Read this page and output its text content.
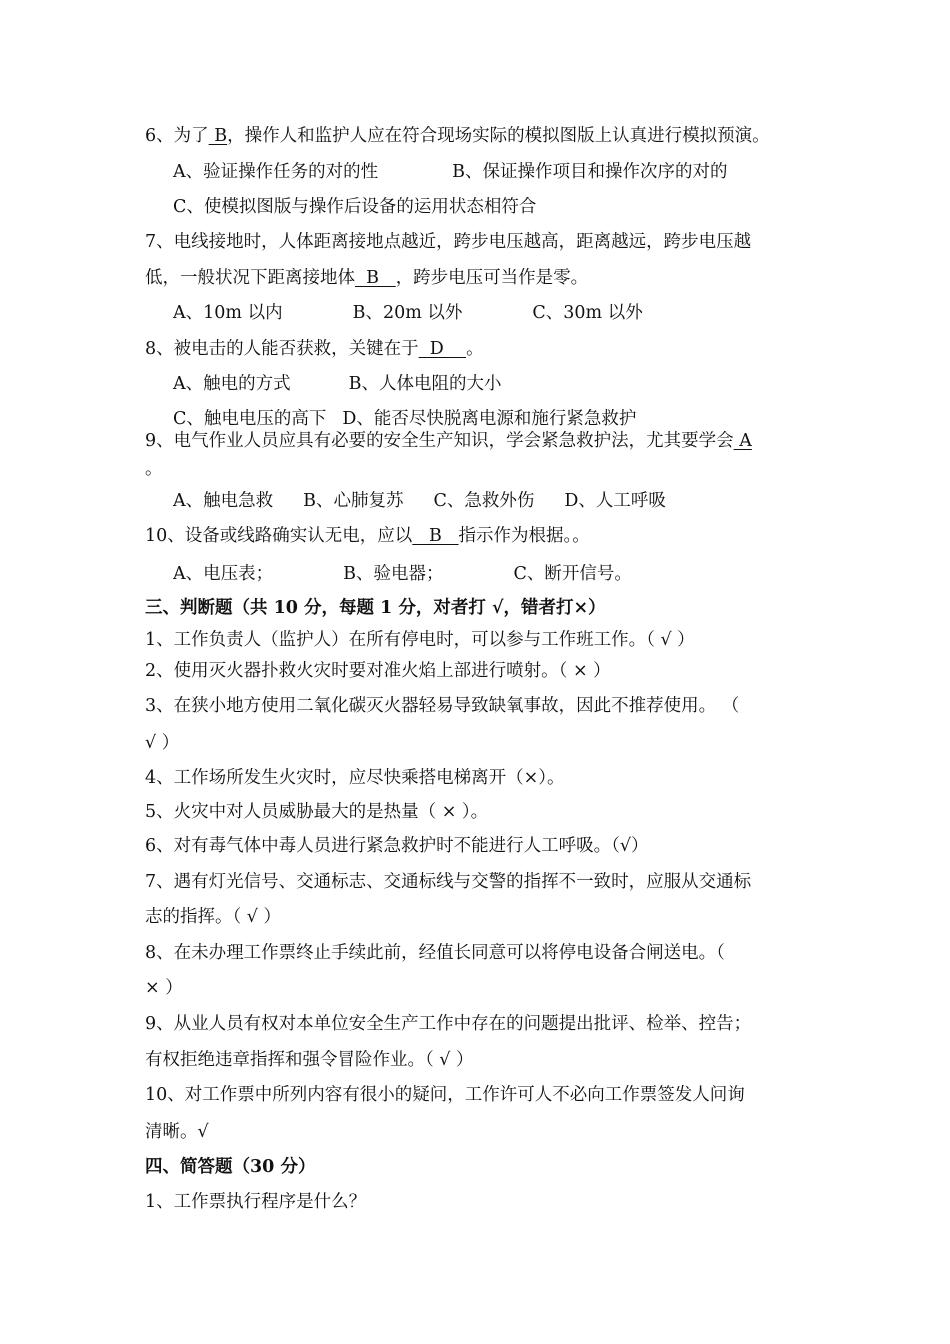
6、为了 B，操作人和监护人应在符合现场实际的模拟图版上认真进行模拟预演。
A、验证操作任务的对的性	B、保证操作项目和操作次序的对的
C、使模拟图版与操作后设备的运用状态相符合
7、电线接地时，人体距离接地点越近，跨步电压越高，距离越远，跨步电压越
低，一般状况下距离接地体  B   ，跨步电压可当作是零。
A、10m 以内	B、20m 以外	C、30m 以外
8、被电击的人能否获救，关键在于  D    。
A、触电的方式	B、人体电阻的大小
C、触电电压的高下 D、能否尽快脱离电源和施行紧急救护
9、电气作业人员应具有必要的安全生产知识，学会紧急救护法，尤其要学会 A
。
A、触电急救 B、心肺复苏 C、急救外伤 D、人工呼吸
10、设备或线路确实认无电，应以   B   指示作为根据。。
A、电压表；	B、验电器；	C、断开信号。
三、判断题（共 10 分，每题 1 分，对者打 √，错者打×）
1、工作负责人（监护人）在所有停电时，可以参与工作班工作。（ √ ）
2、使用灭火器扑救火灾时要对准火焰上部进行喷射。（ × ）
3、在狭小地方使用二氧化碳灭火器轻易导致缺氧事故，因此不推荐使用。 （
√ ）
4、工作场所发生火灾时，应尽快乘搭电梯离开（×）。
5、火灾中对人员威胁最大的是热量（ × ）。
6、对有毒气体中毒人员进行紧急救护时不能进行人工呼吸。（√）
7、遇有灯光信号、交通标志、交通标线与交警的指挥不一致时，应服从交通标
志的指挥。（ √ ）
8、在未办理工作票终止手续此前，经值长同意可以将停电设备合闸送电。（
× ）
9、从业人员有权对本单位安全生产工作中存在的问题提出批评、检举、控告；
有权拒绝违章指挥和强令冒险作业。（ √ ）
10、对工作票中所列内容有很小的疑问，工作许可人不必向工作票签发人问询
清晰。√
四、简答题（30 分）
1、工作票执行程序是什么？
